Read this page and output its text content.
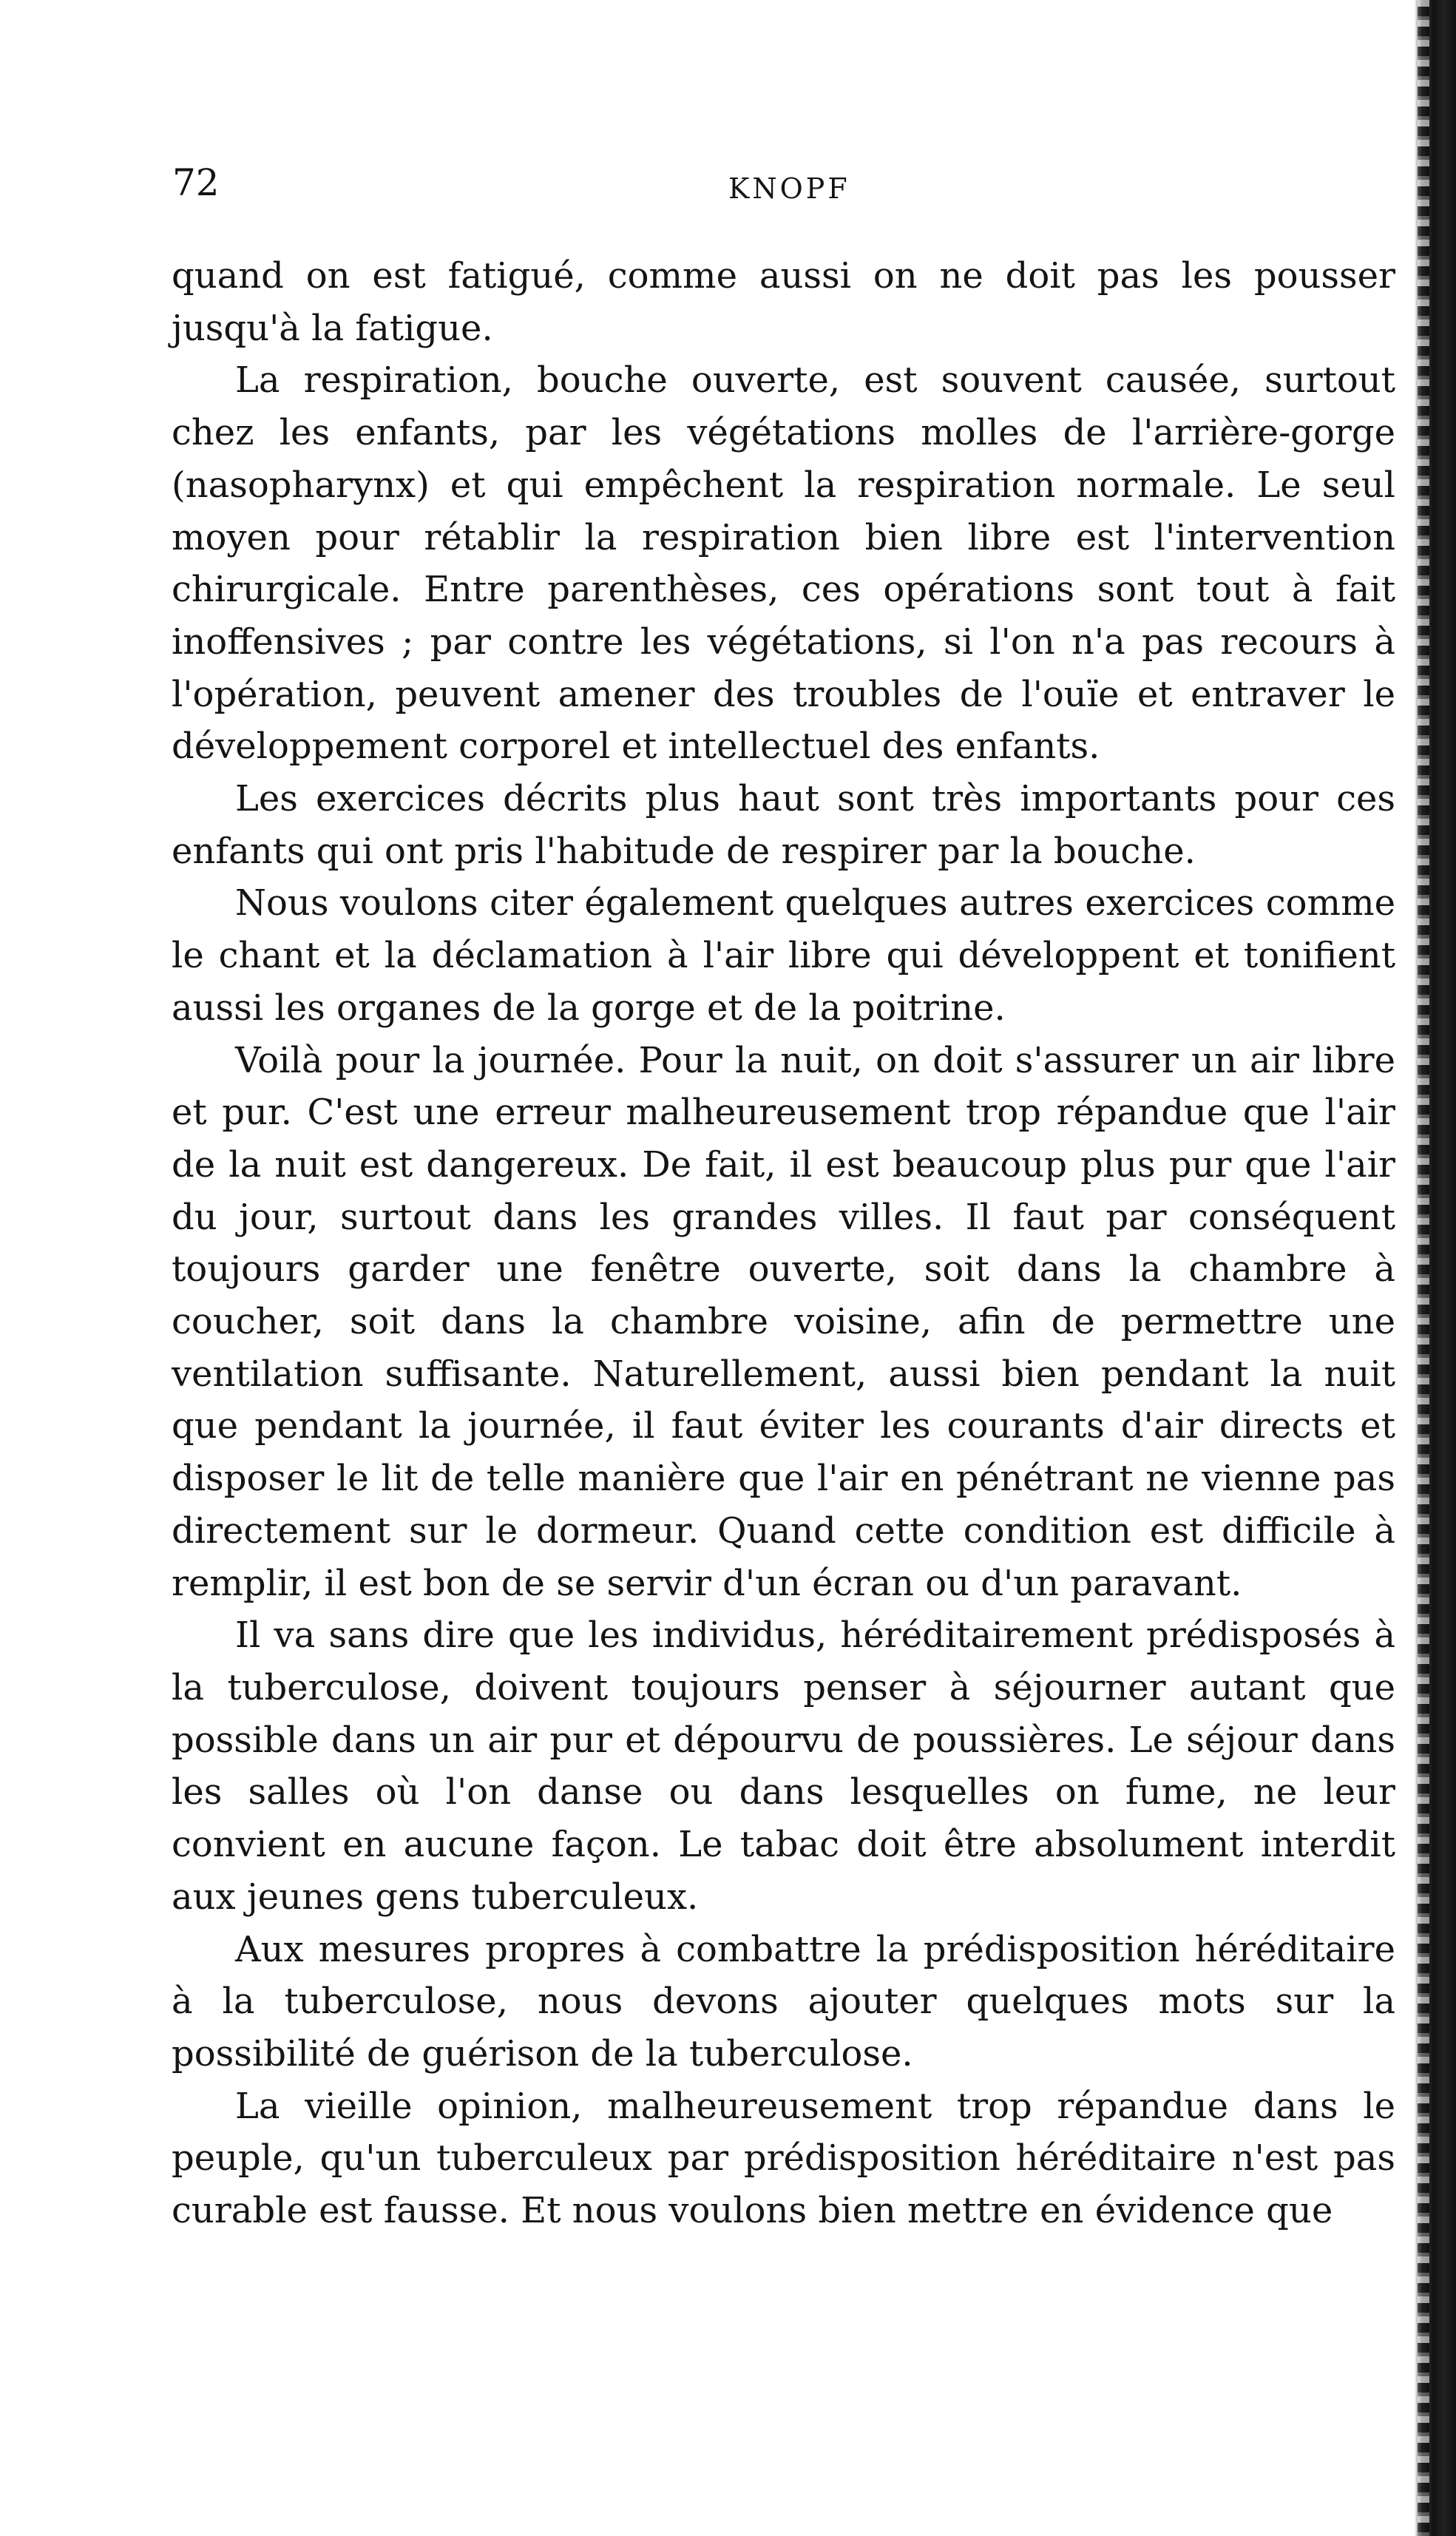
72	KNOPF

quand on est fatigué, comme aussi on ne doit pas les pousser jusqu'à la fatigue.

La respiration, bouche ouverte, est souvent causée, surtout chez les enfants, par les végétations molles de l'arrière-gorge (nasopharynx) et qui empêchent la respiration normale. Le seul moyen pour rétablir la respiration bien libre est l'intervention chirurgicale. Entre parenthèses, ces opérations sont tout à fait inoffensives ; par contre les végétations, si l'on n'a pas recours à l'opération, peuvent amener des troubles de l'ouïe et entraver le développement corporel et intellectuel des enfants.

Les exercices décrits plus haut sont très importants pour ces enfants qui ont pris l'habitude de respirer par la bouche.

Nous voulons citer également quelques autres exercices comme le chant et la déclamation à l'air libre qui développent et tonifient aussi les organes de la gorge et de la poitrine.

Voilà pour la journée. Pour la nuit, on doit s'assurer un air libre et pur. C'est une erreur malheureusement trop répandue que l'air de la nuit est dangereux. De fait, il est beaucoup plus pur que l'air du jour, surtout dans les grandes villes. Il faut par conséquent toujours garder une fenêtre ouverte, soit dans la chambre à coucher, soit dans la chambre voisine, afin de permettre une ventilation suffisante. Naturellement, aussi bien pendant la nuit que pendant la journée, il faut éviter les courants d'air directs et disposer le lit de telle manière que l'air en pénétrant ne vienne pas directement sur le dormeur. Quand cette condition est difficile à remplir, il est bon de se servir d'un écran ou d'un paravant.

Il va sans dire que les individus, héréditairement prédisposés à la tuberculose, doivent toujours penser à séjourner autant que possible dans un air pur et dépourvu de poussières. Le séjour dans les salles où l'on danse ou dans lesquelles on fume, ne leur convient en aucune façon. Le tabac doit être absolument interdit aux jeunes gens tuberculeux.

Aux mesures propres à combattre la prédisposition héréditaire à la tuberculose, nous devons ajouter quelques mots sur la possibilité de guérison de la tuberculose.

La vieille opinion, malheureusement trop répandue dans le peuple, qu'un tuberculeux par prédisposition héréditaire n'est pas curable est fausse. Et nous voulons bien mettre en évidence que
